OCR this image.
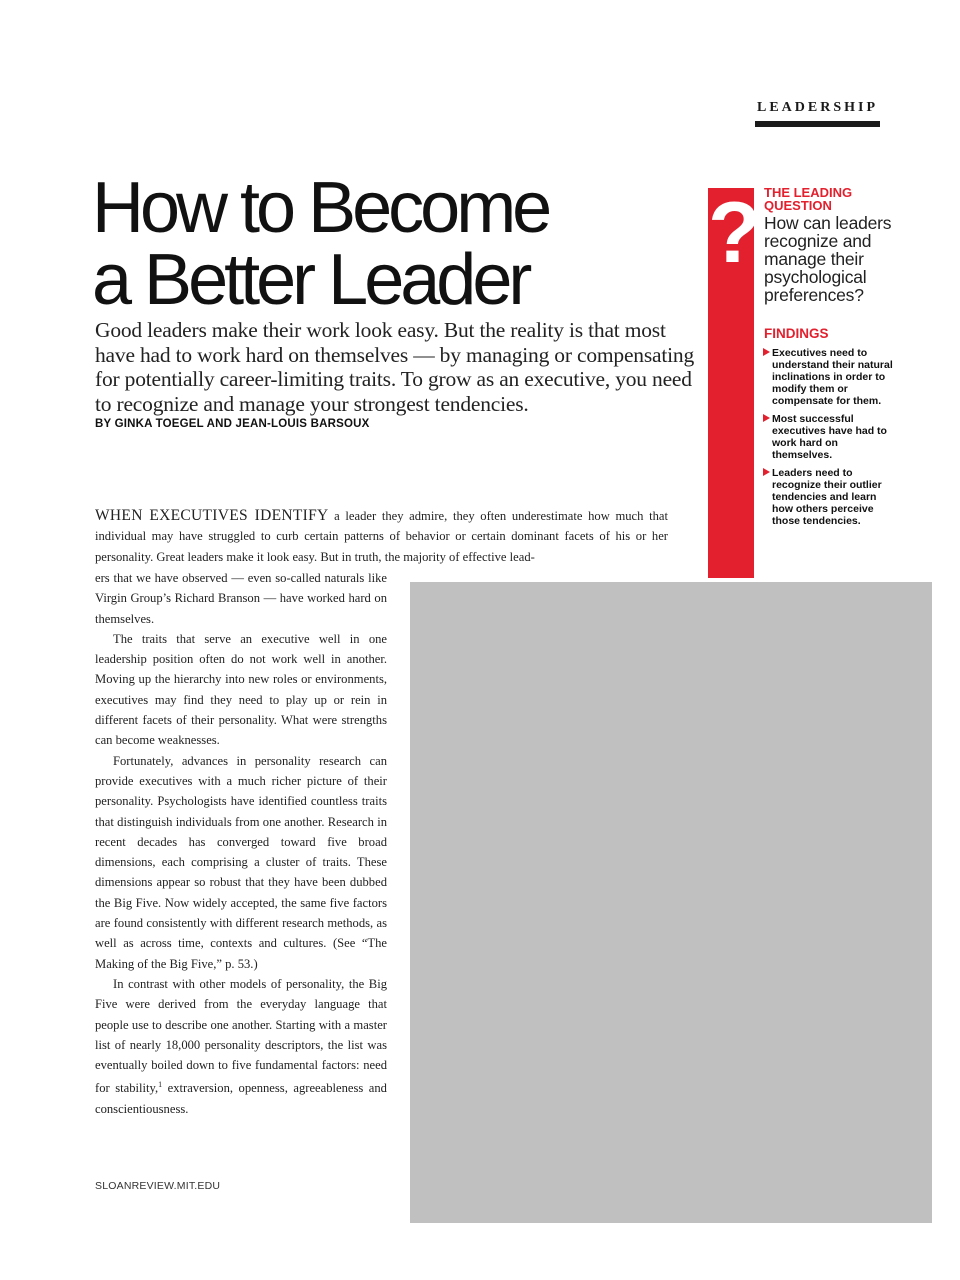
LEADERSHIP
How to Become
a Better Leader

Good leaders make their work look easy. But the reality is that most have had to work hard on themselves — by managing or compensating for potentially career-limiting traits. To grow as an executive, you need to recognize and manage your strongest tendencies.

BY GINKA TOEGEL AND JEAN-LOUIS BARSOUX
? THE LEADING QUESTION
How can leaders recognize and manage their psychological preferences?
FINDINGS
Executives need to understand their natural inclinations in order to modify them or compensate for them.
Most successful executives have had to work hard on themselves.
Leaders need to recognize their outlier tendencies and learn how others perceive those tendencies.

WHEN EXECUTIVES IDENTIFY a leader they admire, they often underestimate how much that individual may have struggled to curb certain patterns of behavior or certain dominant facets of his or her personality. Great leaders make it look easy. But in truth, the majority of effective lead-

ers that we have observed — even so-called naturals like Virgin Group’s Richard Branson — have worked hard on themselves.

The traits that serve an executive well in one leadership position often do not work well in another. Moving up the hierarchy into new roles or environments, executives may find they need to play up or rein in different facets of their personality. What were strengths can become weaknesses.

Fortunately, advances in personality research can provide executives with a much richer picture of their personality. Psychologists have identified countless traits that distinguish individuals from one another. Research in recent decades has converged toward five broad dimensions, each comprising a cluster of traits. These dimensions appear so robust that they have been dubbed the Big Five. Now widely accepted, the same five factors are found consistently with different research methods, as well as across time, contexts and cultures. (See “The Making of the Big Five,” p. 53.)

In contrast with other models of personality, the Big Five were derived from the everyday language that people use to describe one another. Starting with a master list of nearly 18,000 personality descriptors, the list was eventually boiled down to five fundamental factors: need for stability,$^1$ extraversion, openness, agreeableness and conscientiousness.

SLOANREVIEW.MIT.EDU
